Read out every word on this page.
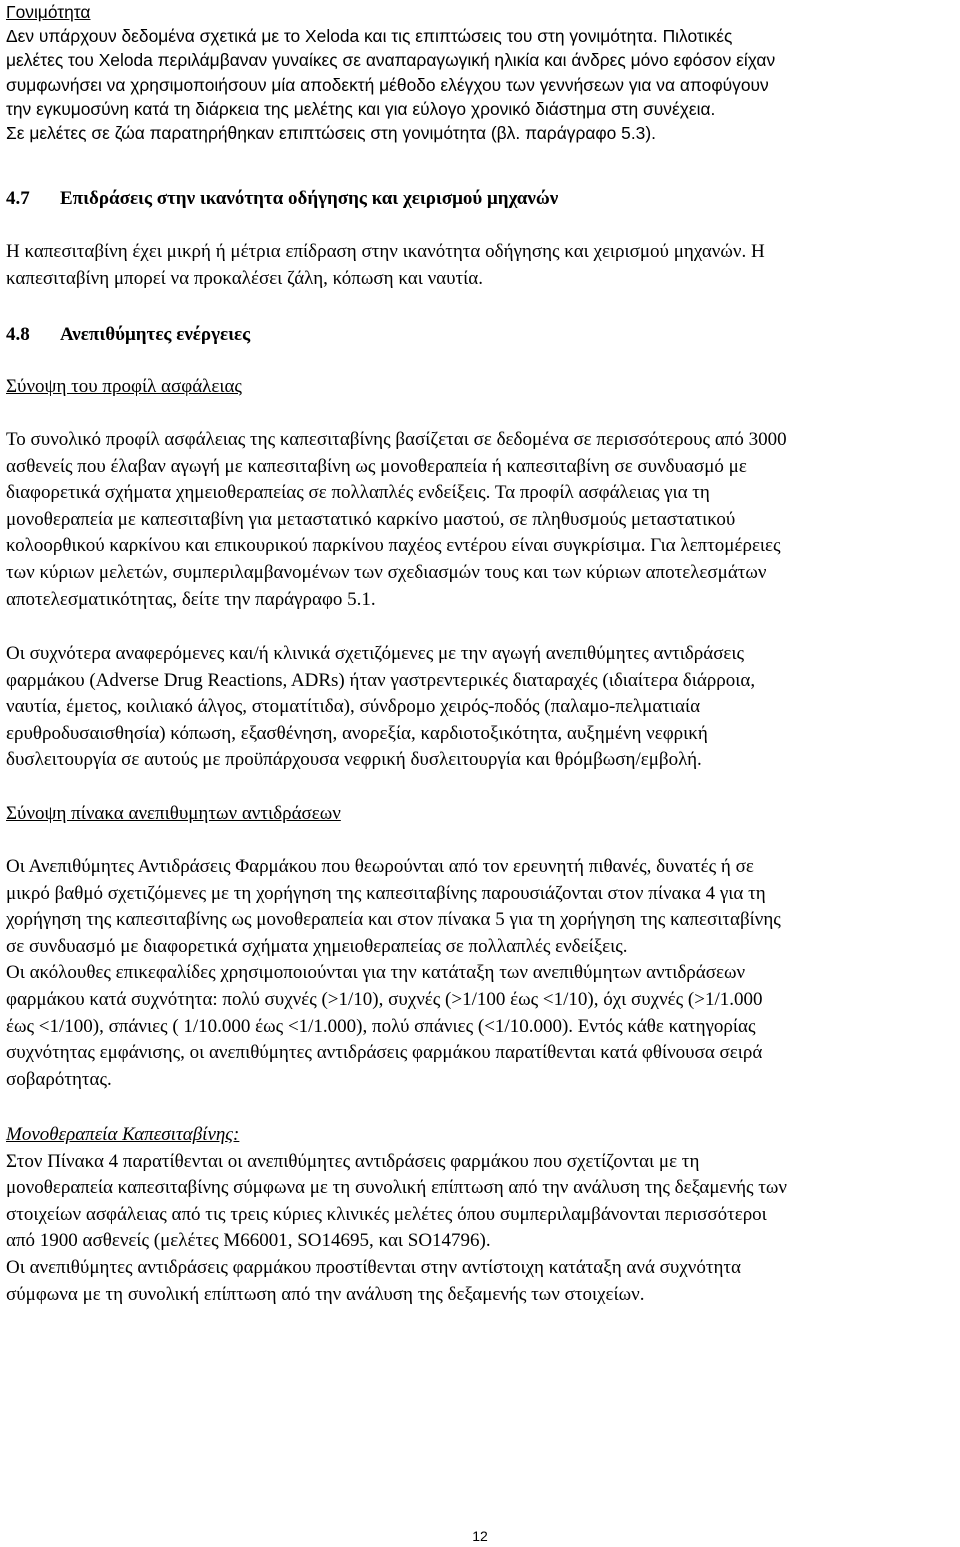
Γονιμότητα
Δεν υπάρχουν δεδομένα σχετικά με το Xeloda και τις επιπτώσεις του στη γονιμότητα. Πιλοτικές
μελέτες του Xeloda περιλάμβαναν γυναίκες σε αναπαραγωγική ηλικία και άνδρες μόνο εφόσον είχαν
συμφωνήσει να χρησιμοποιήσουν μία αποδεκτή μέθοδο ελέγχου των γεννήσεων για να αποφύγουν
την εγκυμοσύνη κατά τη διάρκεια της μελέτης και για εύλογο χρονικό διάστημα στη συνέχεια.
Σε μελέτες σε ζώα παρατηρήθηκαν επιπτώσεις στη γονιμότητα (βλ. παράγραφο 5.3).
4.7 Επιδράσεις στην ικανότητα οδήγησης και χειρισμού μηχανών
Η καπεσιταβίνη έχει μικρή ή μέτρια επίδραση στην ικανότητα οδήγησης και χειρισμού μηχανών. Η
καπεσιταβίνη μπορεί να προκαλέσει ζάλη, κόπωση και ναυτία.
4.8 Ανεπιθύμητες ενέργειες
Σύνοψη του προφίλ ασφάλειας
Το συνολικό προφίλ ασφάλειας της καπεσιταβίνης βασίζεται σε δεδομένα σε περισσότερους από 3000
ασθενείς που έλαβαν αγωγή με καπεσιταβίνη ως μονοθεραπεία ή καπεσιταβίνη σε συνδυασμό με
διαφορετικά σχήματα χημειοθεραπείας σε πολλαπλές ενδείξεις. Τα προφίλ ασφάλειας για τη
μονοθεραπεία με καπεσιταβίνη για μεταστατικό καρκίνο μαστού, σε πληθυσμούς μεταστατικού
κολοορθικού καρκίνου και επικουρικού παρκίνου παχέος εντέρου είναι συγκρίσιμα. Για λεπτομέρειες
των κύριων μελετών, συμπεριλαμβανομένων των σχεδιασμών τους και των κύριων αποτελεσμάτων
αποτελεσματικότητας, δείτε την παράγραφο 5.1.
Οι συχνότερα αναφερόμενες και/ή κλινικά σχετιζόμενες με την αγωγή ανεπιθύμητες αντιδράσεις
φαρμάκου (Adverse Drug Reactions, ADRs) ήταν γαστρεντερικές διαταραχές (ιδιαίτερα διάρροια,
ναυτία, έμετος, κοιλιακό άλγος, στοματίτιδα), σύνδρομο χειρός-ποδός (παλαμο-πελματιαία
ερυθροδυσαισθησία) κόπωση, εξασθένηση, ανορεξία, καρδιοτοξικότητα, αυξημένη νεφρική
δυσλειτουργία σε αυτούς με προϋπάρχουσα νεφρική δυσλειτουργία και θρόμβωση/εμβολή.
Σύνοψη πίνακα ανεπιθυμητων αντιδράσεων
Οι Ανεπιθύμητες Αντιδράσεις Φαρμάκου που θεωρούνται από τον ερευνητή πιθανές, δυνατές ή σε
μικρό βαθμό σχετιζόμενες με τη χορήγηση της καπεσιταβίνης παρουσιάζονται στον πίνακα 4 για τη
χορήγηση της καπεσιταβίνης ως μονοθεραπεία και στον πίνακα 5 για τη χορήγηση της καπεσιταβίνης
σε συνδυασμό με διαφορετικά σχήματα χημειοθεραπείας σε πολλαπλές ενδείξεις.
Οι ακόλουθες επικεφαλίδες χρησιμοποιούνται για την κατάταξη των ανεπιθύμητων αντιδράσεων
φαρμάκου κατά συχνότητα: πολύ συχνές (>1/10), συχνές (>1/100 έως <1/10), όχι συχνές (>1/1.000
έως <1/100), σπάνιες ( 1/10.000 έως <1/1.000), πολύ σπάνιες (<1/10.000). Εντός κάθε κατηγορίας
συχνότητας εμφάνισης, οι ανεπιθύμητες αντιδράσεις φαρμάκου παρατίθενται κατά φθίνουσα σειρά
σοβαρότητας.
Μονοθεραπεία Καπεσιταβίνης:
Στον Πίνακα 4 παρατίθενται οι ανεπιθύμητες αντιδράσεις φαρμάκου που σχετίζονται με τη
μονοθεραπεία καπεσιταβίνης σύμφωνα με τη συνολική επίπτωση από την ανάλυση της δεξαμενής των
στοιχείων ασφάλειας από τις τρεις κύριες κλινικές μελέτες όπου συμπεριλαμβάνονται περισσότεροι
από 1900 ασθενείς (μελέτες M66001, SO14695, και SO14796).
Οι ανεπιθύμητες αντιδράσεις φαρμάκου προστίθενται στην αντίστοιχη κατάταξη ανά συχνότητα
σύμφωνα με τη συνολική επίπτωση από την ανάλυση της δεξαμενής των στοιχείων.
12
